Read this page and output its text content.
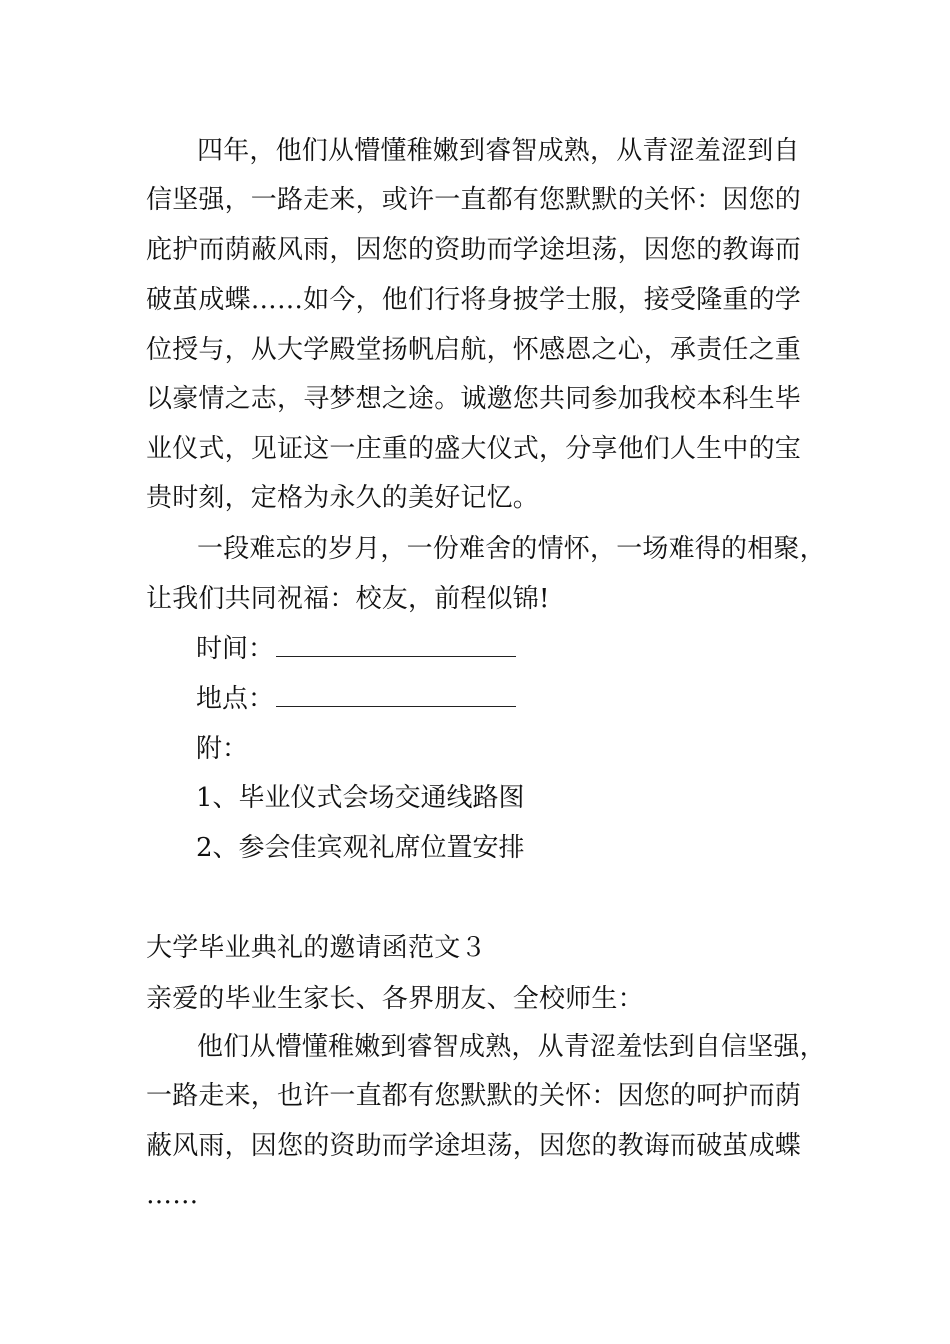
四年，他们从懵懂稚嫩到睿智成熟，从青涩羞涩到自
信坚强，一路走来，或许一直都有您默默的关怀：因您的
庇护而荫蔽风雨，因您的资助而学途坦荡，因您的教诲而
破茧成蝶……如今，他们行将身披学士服，接受隆重的学
位授与，从大学殿堂扬帆启航，怀感恩之心，承责任之重
以豪情之志，寻梦想之途。诚邀您共同参加我校本科生毕
业仪式，见证这一庄重的盛大仪式，分享他们人生中的宝
贵时刻，定格为永久的美好记忆。
一段难忘的岁月，一份难舍的情怀，一场难得的相聚，
让我们共同祝福：校友，前程似锦!
时间：
地点：
附：
1、毕业仪式会场交通线路图
2、参会佳宾观礼席位置安排
大学毕业典礼的邀请函范文３
亲爱的毕业生家长、各界朋友、全校师生：
他们从懵懂稚嫩到睿智成熟，从青涩羞怯到自信坚强，
一路走来，也许一直都有您默默的关怀：因您的呵护而荫
蔽风雨，因您的资助而学途坦荡，因您的教诲而破茧成蝶
……
